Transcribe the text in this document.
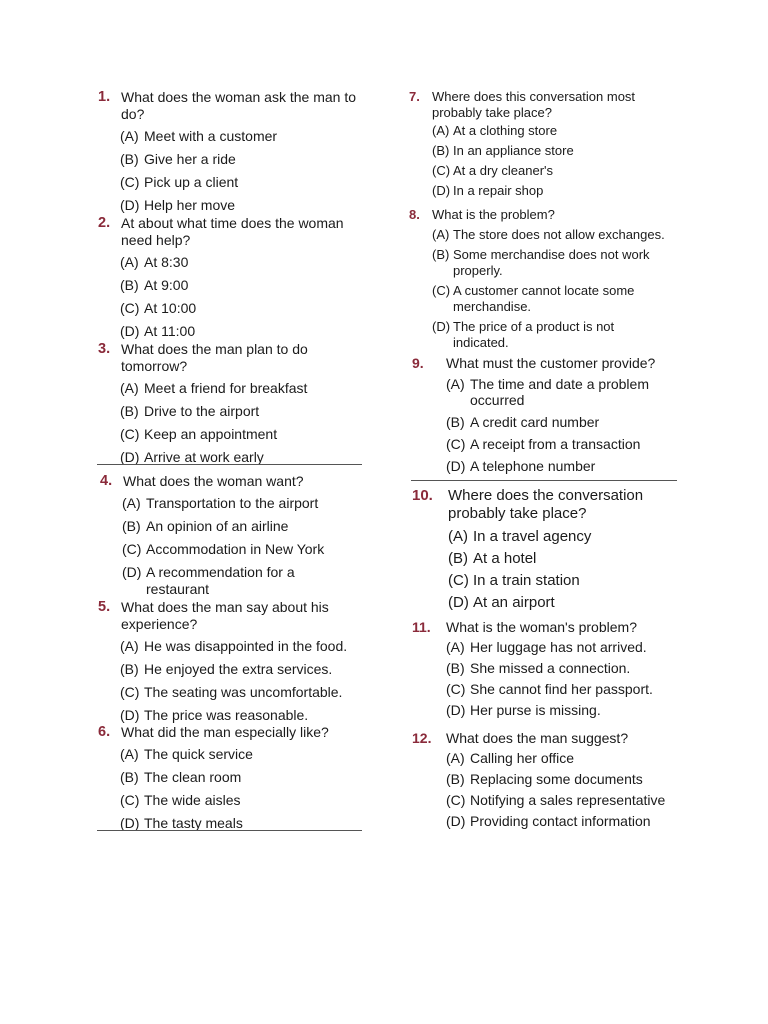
1. What does the woman ask the man to do?
(A) Meet with a customer
(B) Give her a ride
(C) Pick up a client
(D) Help her move
2. At about what time does the woman need help?
(A) At 8:30
(B) At 9:00
(C) At 10:00
(D) At 11:00
3. What does the man plan to do tomorrow?
(A) Meet a friend for breakfast
(B) Drive to the airport
(C) Keep an appointment
(D) Arrive at work early
4. What does the woman want?
(A) Transportation to the airport
(B) An opinion of an airline
(C) Accommodation in New York
(D) A recommendation for a restaurant
5. What does the man say about his experience?
(A) He was disappointed in the food.
(B) He enjoyed the extra services.
(C) The seating was uncomfortable.
(D) The price was reasonable.
6. What did the man especially like?
(A) The quick service
(B) The clean room
(C) The wide aisles
(D) The tasty meals
7. Where does this conversation most probably take place?
(A) At a clothing store
(B) In an appliance store
(C) At a dry cleaner's
(D) In a repair shop
8. What is the problem?
(A) The store does not allow exchanges.
(B) Some merchandise does not work properly.
(C) A customer cannot locate some merchandise.
(D) The price of a product is not indicated.
9.	What must the customer provide?
(A) The time and date a problem occurred
(B) A credit card number
(C) A receipt from a transaction
(D) A telephone number
10.	Where does the conversation probably take place?
(A) In a travel agency
(B) At a hotel
(C) In a train station
(D) At an airport
11.	What is the woman's problem?
(A) Her luggage has not arrived.
(B) She missed a connection.
(C) She cannot find her passport.
(D) Her purse is missing.
12.	What does the man suggest?
(A) Calling her office
(B) Replacing some documents
(C) Notifying a sales representative
(D) Providing contact information
